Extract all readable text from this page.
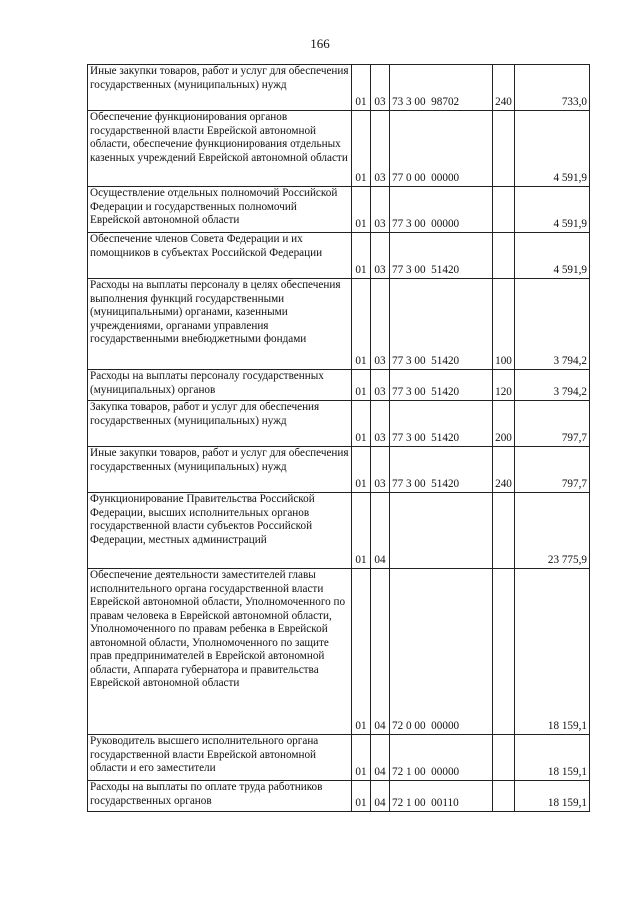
166
Иные закупки товаров, работ и услуг для обеспечения государственных (муниципальных) нужд	01	03	73 3 00  98702	240	733,0
Обеспечение функционирования органов государственной власти Еврейской автономной области, обеспечение функционирования отдельных казенных учреждений Еврейской автономной области	01	03	77 0 00  00000		4 591,9
Осуществление отдельных полномочий Российской Федерации и государственных полномочий Еврейской автономной области	01	03	77 3 00  00000		4 591,9
Обеспечение членов Совета Федерации и их помощников в субъектах Российской Федерации	01	03	77 3 00  51420		4 591,9
Расходы на выплаты персоналу в целях обеспечения выполнения функций государственными (муниципальными) органами, казенными учреждениями, органами управления государственными внебюджетными фондами	01	03	77 3 00  51420	100	3 794,2
Расходы на выплаты персоналу государственных (муниципальных) органов	01	03	77 3 00  51420	120	3 794,2
Закупка товаров, работ и услуг для обеспечения государственных (муниципальных) нужд	01	03	77 3 00  51420	200	797,7
Иные закупки товаров, работ и услуг для обеспечения государственных (муниципальных) нужд	01	03	77 3 00  51420	240	797,7
Функционирование Правительства Российской Федерации, высших исполнительных органов государственной власти субъектов Российской Федерации, местных администраций	01	04			23 775,9
Обеспечение деятельности заместителей главы исполнительного органа государственной власти Еврейской автономной области, Уполномоченного по правам человека в Еврейской автономной области, Уполномоченного по правам ребенка в Еврейской автономной области, Уполномоченного по защите прав предпринимателей в Еврейской автономной области, Аппарата губернатора и правительства Еврейской автономной области	01	04	72 0 00  00000		18 159,1
Руководитель высшего исполнительного органа государственной власти Еврейской автономной области и его заместители	01	04	72 1 00  00000		18 159,1
Расходы на выплаты по оплате труда работников государственных органов	01	04	72 1 00  00110		18 159,1
